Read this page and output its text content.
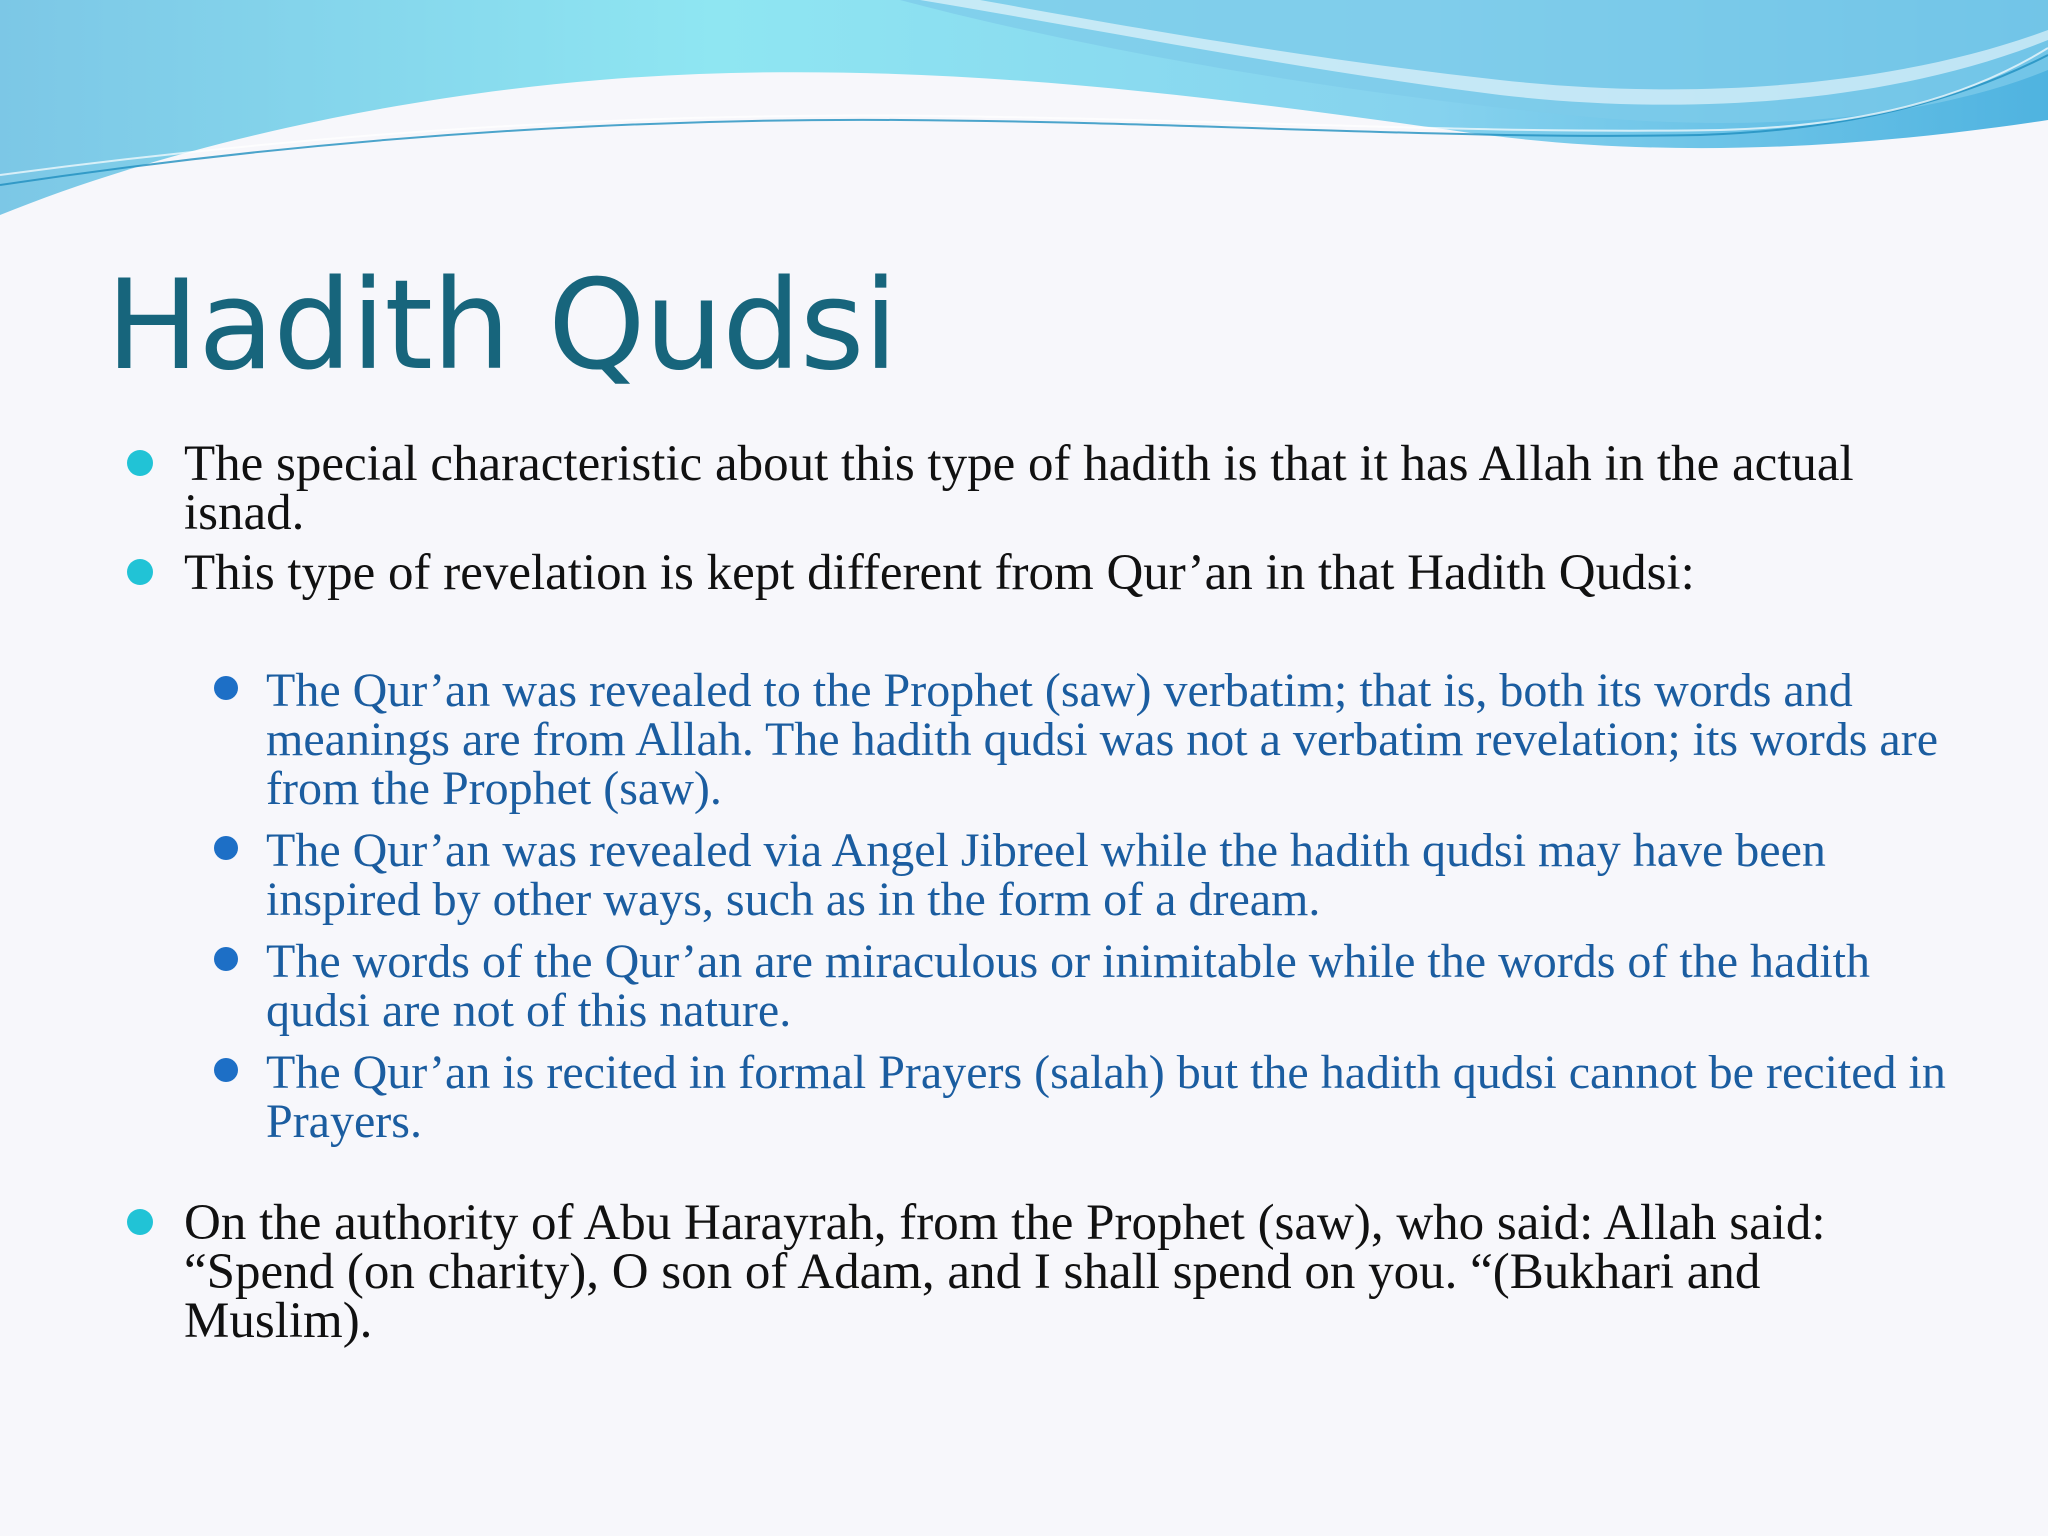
Hadith Qudsi

The special characteristic about this type of hadith is that it has Allah in the actual isnad.

This type of revelation is kept different from Qur’an in that Hadith Qudsi:

The Qur’an was revealed to the Prophet (saw) verbatim; that is, both its words and meanings are from Allah. The hadith qudsi was not a verbatim revelation; its words are from the Prophet (saw).

The Qur’an was revealed via Angel Jibreel while the hadith qudsi may have been inspired by other ways, such as in the form of a dream.

The words of the Qur’an are miraculous or inimitable while the words of the hadith qudsi are not of this nature.

The Qur’an is recited in formal Prayers (salah) but the hadith qudsi cannot be recited in Prayers.

On the authority of Abu Harayrah, from the Prophet (saw), who said: Allah said: “Spend (on charity), O son of Adam, and I shall spend on you. “(Bukhari and Muslim).
